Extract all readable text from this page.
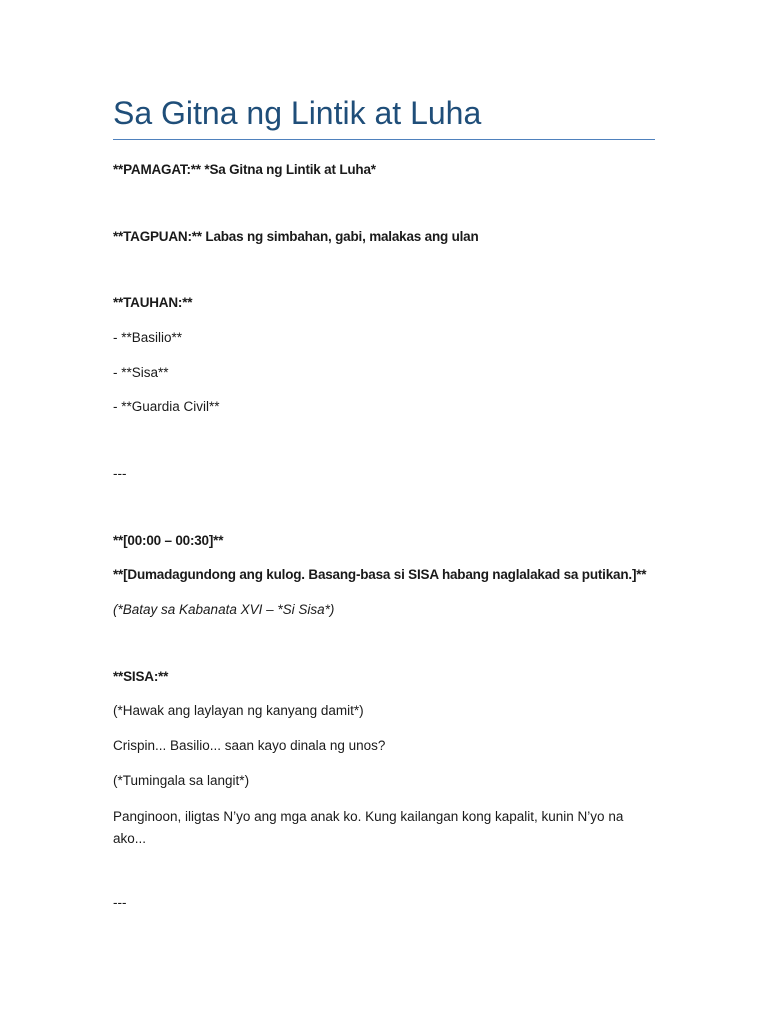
Sa Gitna ng Lintik at Luha
**PAMAGAT:** *Sa Gitna ng Lintik at Luha*
**TAGPUAN:** Labas ng simbahan, gabi, malakas ang ulan
**TAUHAN:**
- **Basilio**
- **Sisa**
- **Guardia Civil**
---
**[00:00 – 00:30]**
**[Dumadagundong ang kulog. Basang-basa si SISA habang naglalakad sa putikan.]**
(*Batay sa Kabanata XVI – *Si Sisa*)
**SISA:**
(*Hawak ang laylayan ng kanyang damit*)
Crispin... Basilio... saan kayo dinala ng unos?
(*Tumingala sa langit*)
Panginoon, iligtas N’yo ang mga anak ko. Kung kailangan kong kapalit, kunin N’yo na ako...
---
